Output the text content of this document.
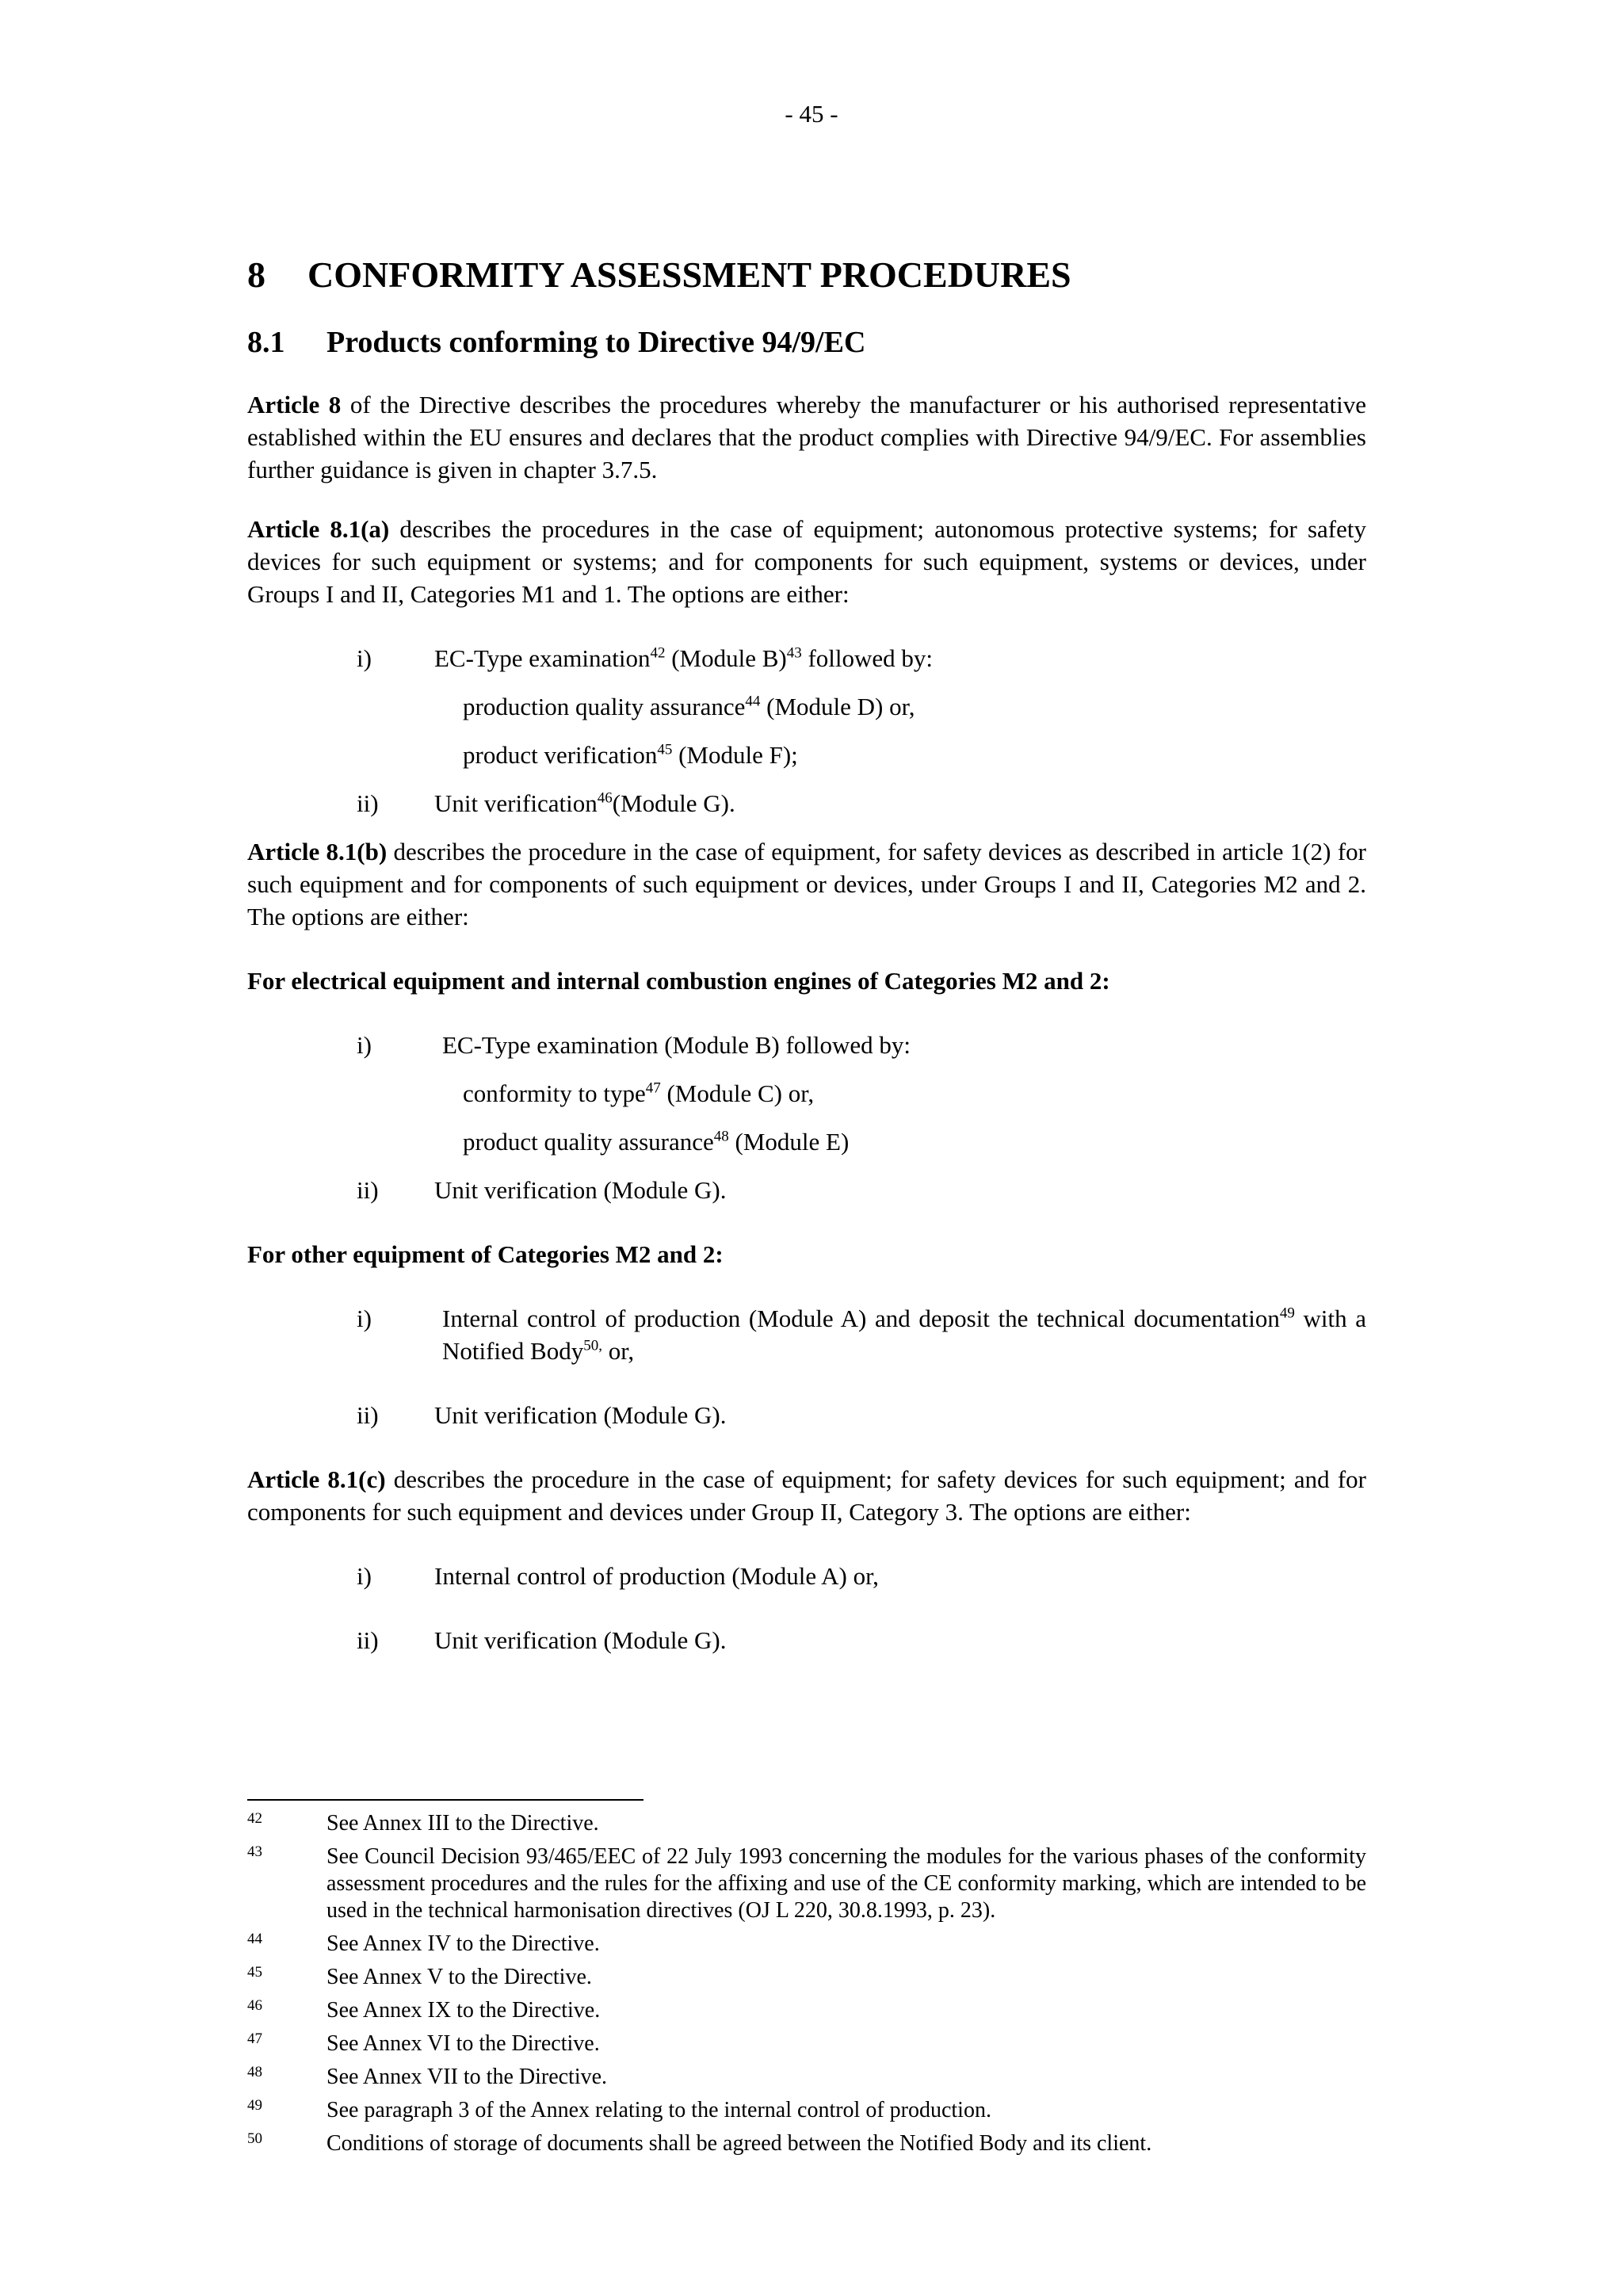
- 45 -
8	CONFORMITY ASSESSMENT PROCEDURES
8.1	Products conforming to Directive 94/9/EC

Article 8 of the Directive describes the procedures whereby the manufacturer or his authorised representative established within the EU ensures and declares that the product complies with Directive 94/9/EC. For assemblies further guidance is given in chapter 3.7.5.

Article 8.1(a) describes the procedures in the case of equipment; autonomous protective systems; for safety devices for such equipment or systems; and for components for such equipment, systems or devices, under Groups I and II, Categories M1 and 1. The options are either:

i)	EC-Type examination$^{42}$ (Module B)$^{43}$ followed by:
production quality assurance$^{44}$ (Module D) or,
product verification$^{45}$ (Module F);
ii) Unit verification$^{46}$(Module G).

Article 8.1(b) describes the procedure in the case of equipment, for safety devices as described in article 1(2) for such equipment and for components of such equipment or devices, under Groups I and II, Categories M2 and 2. The options are either:

For electrical equipment and internal combustion engines of Categories M2 and 2:
i)	EC-Type examination (Module B) followed by:
conformity to type$^{47}$ (Module C) or,
product quality assurance$^{48}$ (Module E)
ii) Unit verification (Module G).
For other equipment of Categories M2 and 2:
i)	Internal control of production (Module A) and deposit the technical documentation$^{49}$ with a Notified Body$^{50,}$ or,
ii) Unit verification (Module G).

Article 8.1(c) describes the procedure in the case of equipment; for safety devices for such equipment; and for components for such equipment and devices under Group II, Category 3. The options are either:

i)	Internal control of production (Module A) or,
ii) Unit verification (Module G).
42	See Annex III to the Directive.
43	See Council Decision 93/465/EEC of 22 July 1993 concerning the modules for the various phases of the conformity assessment procedures and the rules for the affixing and use of the CE conformity marking, which are intended to be used in the technical harmonisation directives (OJ L 220, 30.8.1993, p. 23).
44	See Annex IV to the Directive.
45	See Annex V to the Directive.
46	See Annex IX to the Directive.
47	See Annex VI to the Directive.
48	See Annex VII to the Directive.
49	See paragraph 3 of the Annex relating to the internal control of production.
50	Conditions of storage of documents shall be agreed between the Notified Body and its client.
